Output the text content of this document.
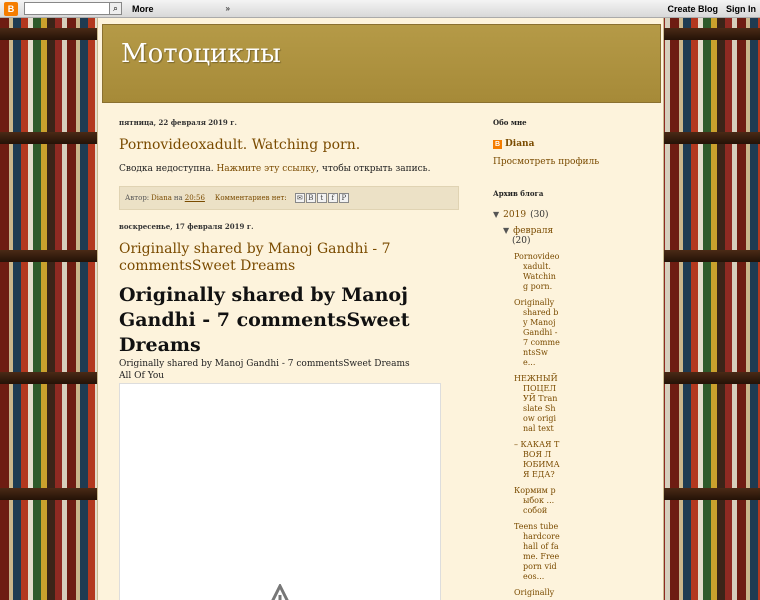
B	⌕	More	»	Create Blog Sign In
Мотоциклы
пятница, 22 февраля 2019 г.
Pornovideoxadult. Watching porn.
Сводка недоступна. Нажмите эту ссылку, чтобы открыть запись.
Автор: Diana на 20:56 Комментариев нет: ✉ B	t	f	P
воскресенье, 17 февраля 2019 г.
Originally shared by Manoj Gandhi - 7 commentsSweet Dreams
Originally shared by Manoj Gandhi - 7 commentsSweet Dreams
Originally shared by Manoj Gandhi - 7 commentsSweet Dreams
All Of You
Обо мне
B Diana
Просмотреть профиль
Архив блога
▼ 2019 (30)
▼ февраля
(20)
Pornovideoxadult. Watching porn.
Originally shared by Manoj Gandhi - 7 commentsSwe...
НЕЖНЫЙ ПОЦЕЛУЙ Translate Show original text
– КАКАЯ ТВОЯ ЛЮБИМАЯ ЕДА?
Кормим рыбок ... собой
Teens tube hardcore hall of fame. Free porn videos...
Originally
